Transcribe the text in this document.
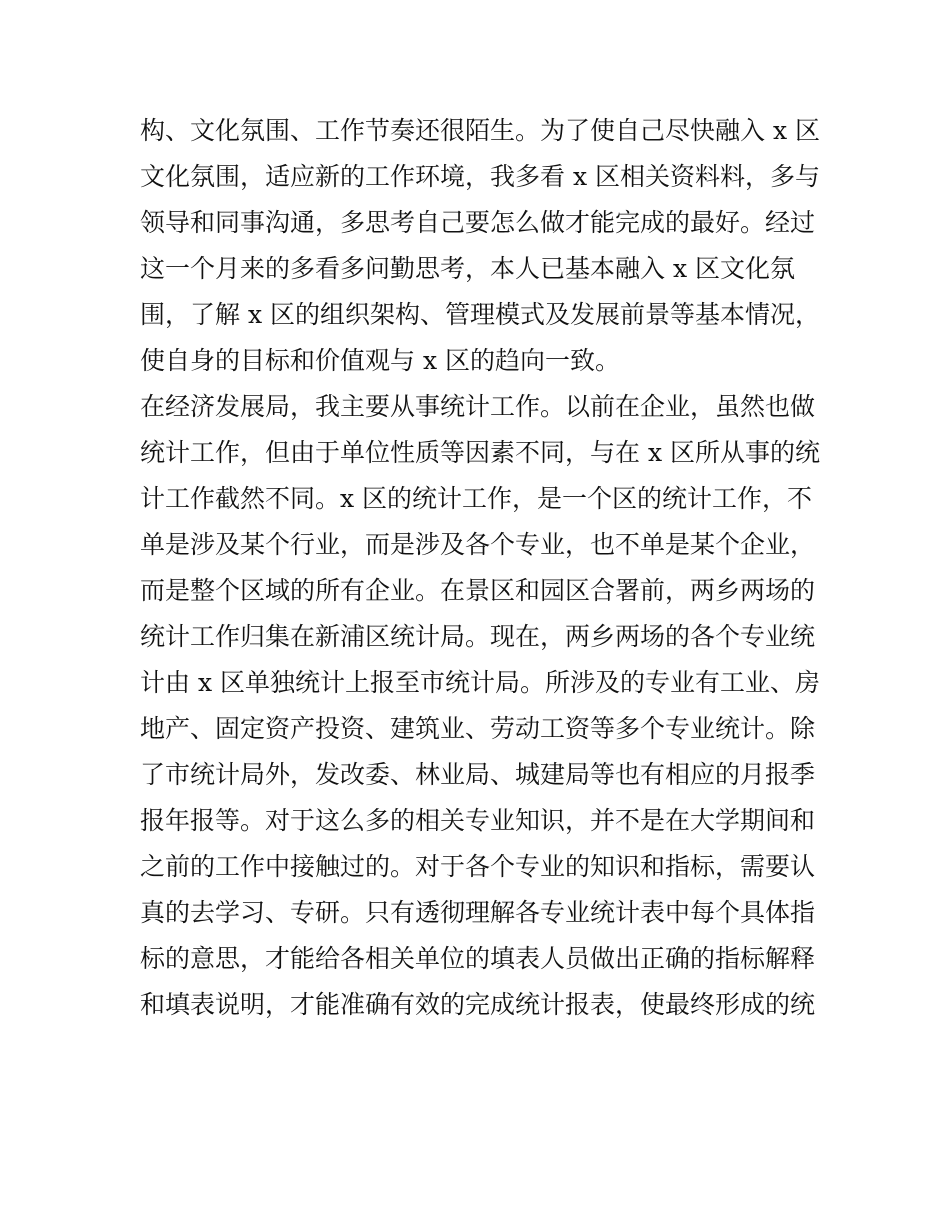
构、文化氛围、工作节奏还很陌生。为了使自己尽快融入 x 区
文化氛围，适应新的工作环境，我多看 x 区相关资料料，多与
领导和同事沟通，多思考自己要怎么做才能完成的最好。经过
这一个月来的多看多问勤思考，本人已基本融入 x 区文化氛
围，了解 x 区的组织架构、管理模式及发展前景等基本情况，
使自身的目标和价值观与 x 区的趋向一致。
在经济发展局，我主要从事统计工作。以前在企业，虽然也做
统计工作，但由于单位性质等因素不同，与在 x 区所从事的统
计工作截然不同。x 区的统计工作，是一个区的统计工作，不
单是涉及某个行业，而是涉及各个专业，也不单是某个企业，
而是整个区域的所有企业。在景区和园区合署前，两乡两场的
统计工作归集在新浦区统计局。现在，两乡两场的各个专业统
计由 x 区单独统计上报至市统计局。所涉及的专业有工业、房
地产、固定资产投资、建筑业、劳动工资等多个专业统计。除
了市统计局外，发改委、林业局、城建局等也有相应的月报季
报年报等。对于这么多的相关专业知识，并不是在大学期间和
之前的工作中接触过的。对于各个专业的知识和指标，需要认
真的去学习、专研。只有透彻理解各专业统计表中每个具体指
标的意思，才能给各相关单位的填表人员做出正确的指标解释
和填表说明，才能准确有效的完成统计报表，使最终形成的统
